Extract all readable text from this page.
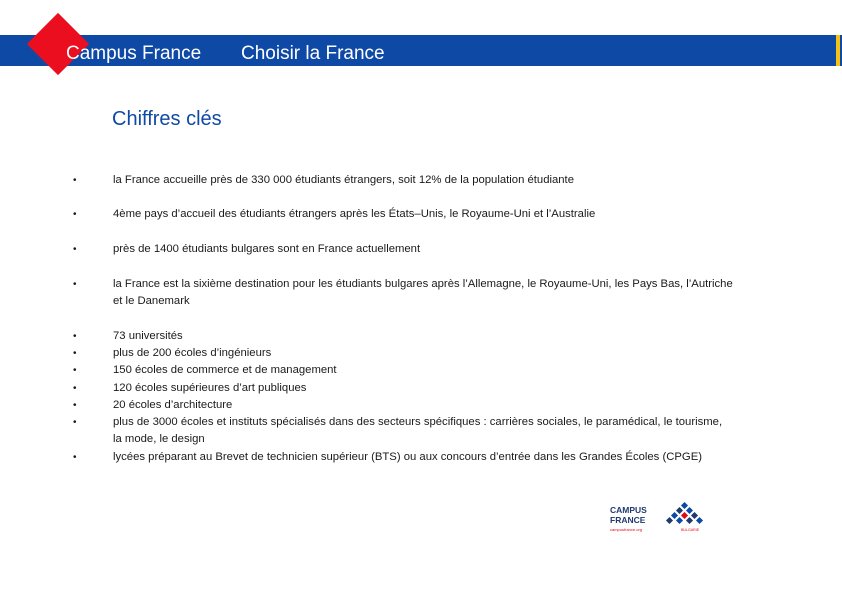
Campus France Choisir la France
Chiffres clés
•	la France accueille près de 330 000 étudiants étrangers, soit 12% de la population étudiante
•	4ème pays d’accueil des étudiants étrangers après les États–Unis, le Royaume-Uni et l’Australie
•	près de 1400 étudiants bulgares sont en France actuellement
•	la France est la sixième destination pour les étudiants bulgares après l’Allemagne, le Royaume-Uni, les Pays Bas, l’Autriche et le Danemark
•	73 universités
•	plus de 200 écoles d’ingénieurs
•	150 écoles de commerce et de management
•	120 écoles supérieures d’art publiques
•	20 écoles d’architecture
•	plus de 3000 écoles et instituts spécialisés dans des secteurs spécifiques : carrières sociales, le paramédical, le tourisme, la mode, le design
•	lycées préparant au Brevet de technicien supérieur (BTS) ou aux concours d’entrée dans les Grandes Écoles (CPGE)
CAMPUS
FRANCE
campusfrance.org	BULGARIE
